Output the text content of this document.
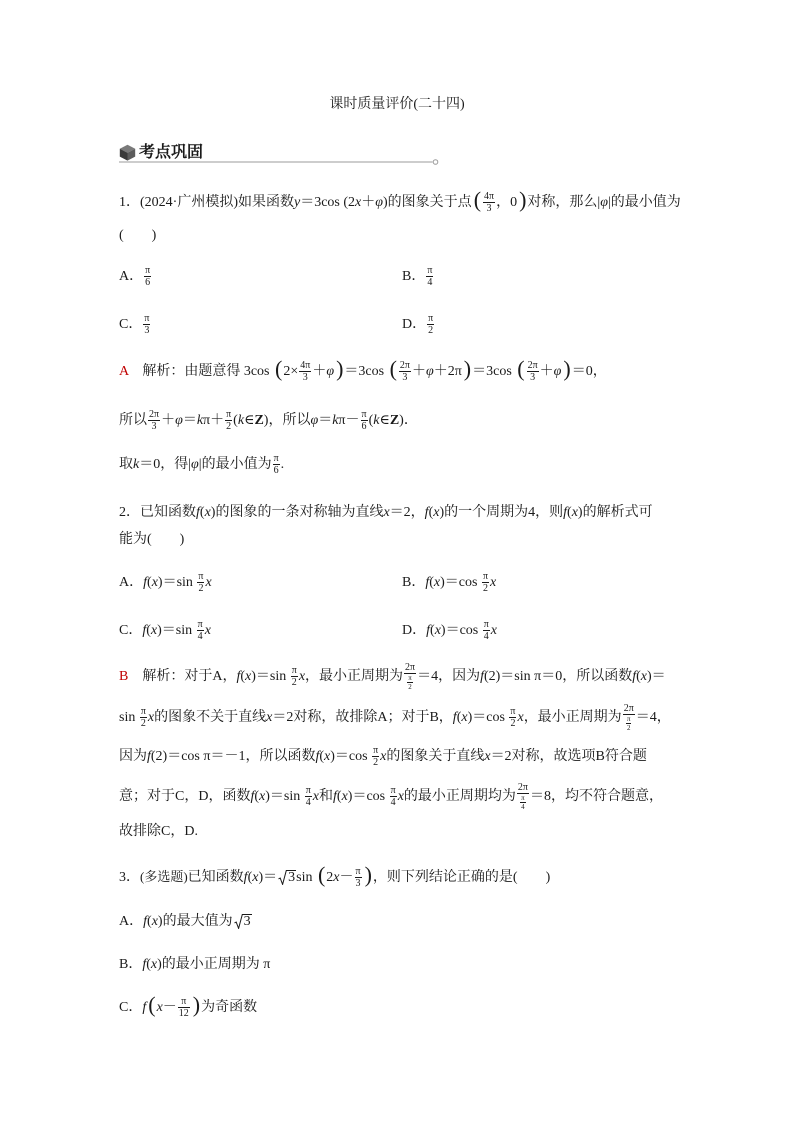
课时质量评价(二十四)
考点巩固
1．(2024·广州模拟)如果函数y＝3cos (2x＋φ)的图象关于点( $\frac{4\pi}{3}$ ，0)对称，那么|φ|的最小值为
(　　)
A． $\frac{\pi}{6}$	B． $\frac{\pi}{4}$
C． $\frac{\pi}{3}$	D． $\frac{\pi}{2}$
A　解析：由题意得 3cos $(2\times \frac{4\pi}{3} +\varphi)=3\cos$ ( $\frac{2\pi}{3} +\varphi+2\pi)=3\cos$ ( $\frac{2\pi}{3} +\varphi)=0$，
所以 $\frac{2\pi}{3} +\varphi=k\pi+ \frac{\pi}{2}$ (k∈Z)，所以$\varphi=k\pi- \frac{\pi}{6}$ (k∈Z)．
取k＝0，得|φ|的最小值为 $\frac{\pi}{6}$ .
2．已知函数f(x)的图象的一条对称轴为直线x＝2，f(x)的一个周期为4，则f(x)的解析式可
能为(　　)
A．$f(x)=\sin \frac{\pi}{2}$ x	B．$f(x)=\cos \frac{\pi}{2}$ x
C．$f(x)=\sin \frac{\pi}{4}$ x	D．$f(x)=\cos \frac{\pi}{4}$ x
B　解析：对于A，$f(x)=\sin \frac{\pi}{2}$ x，最小正周期为 $\frac{2\pi}{\frac{\pi}{2}} =4$，因为f(2)＝sin π＝0，所以函数f(x)＝
$\sin \frac{\pi}{2}$ x的图象不关于直线x＝2对称，故排除A；对于B，$f(x)=\cos \frac{\pi}{2}$ x，最小正周期为 $\frac{2\pi}{\frac{\pi}{2}} =4$，
因为f(2)＝cos π＝－1，所以函数$f(x)=\cos \frac{\pi}{2}$ x的图象关于直线x＝2对称，故选项B符合题
意；对于C，D，函数$f(x)=\sin \frac{\pi}{4}$ x和$f(x)=\cos \frac{\pi}{4}$ x的最小正周期均为 $\frac{2\pi}{\frac{\pi}{4}} =8$，均不符合题意，
故排除C，D.
3．(多选题)已知函数f(x)＝ 3sin ($2x- \frac{\pi}{3}$ )，则下列结论正确的是(　　)
A．f(x)的最大值为 3
B．f(x)的最小正周期为 π
C．$f(x- \frac{\pi}{12}$ )为奇函数
